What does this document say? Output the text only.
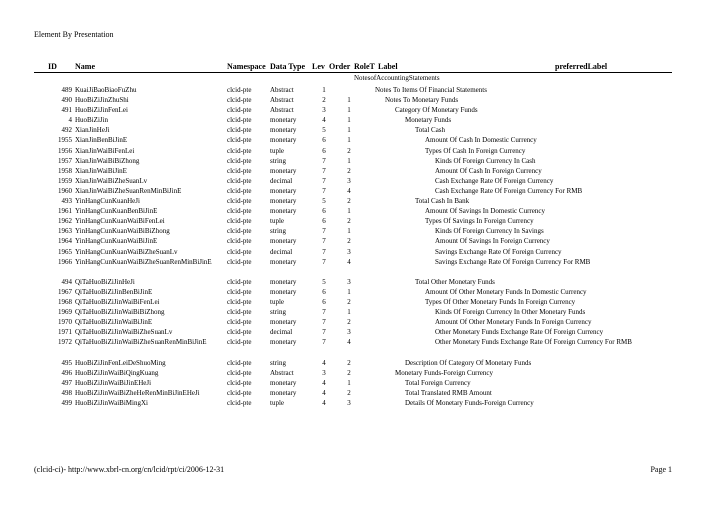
Element By Presentation
ID Name	Namespace Data Type Lev Order RoleT Label	preferredLabel
NotesofAccountingStatements
489 KuaiJiBaoBiaoFuZhu	clcid-pte	Abstract	1	Notes To Items Of Financial Statements
490 HuoBiZiJinZhuShi	clcid-pte	Abstract	2	1	Notes To Monetary Funds
491 HuoBiZiJinFenLei	clcid-pte	Abstract	3	1	Category Of Monetary Funds
4 HuoBiZiJin	clcid-pte	monetary	4	1	Monetary Funds
492 XianJinHeJi	clcid-pte	monetary	5	1	Total Cash
1955 XianJinBenBiJinE	clcid-pte	monetary	6	1	Amount Of Cash In Domestic Currency
1956 XianJinWaiBiFenLei	clcid-pte	tuple	6	2	Types Of Cash In Foreign Currency
1957 XianJinWaiBiBiZhong	clcid-pte	string	7	1	Kinds Of Foreign Currency In Cash
1958 XianJinWaiBiJinE	clcid-pte	monetary	7	2	Amount Of Cash In Foreign Currency
1959 XianJinWaiBiZheSuanLv	clcid-pte	decimal	7	3	Cash Exchange Rate Of Foreign Currency
1960 XianJinWaiBiZheSuanRenMinBiJinE	clcid-pte	monetary	7	4	Cash Exchange Rate Of Foreign Currency For RMB
493 YinHangCunKuanHeJi	clcid-pte	monetary	5	2	Total Cash In Bank
1961 YinHangCunKuanBenBiJinE	clcid-pte	monetary	6	1	Amount Of Savings In Domestic Currency
1962 YinHangCunKuanWaiBiFenLei	clcid-pte	tuple	6	2	Types Of Savings In Foreign Currency
1963 YinHangCunKuanWaiBiBiZhong	clcid-pte	string	7	1	Kinds Of Foreign Currency In Savings
1964 YinHangCunKuanWaiBiJinE	clcid-pte	monetary	7	2	Amount Of Savings In Foreign Currency
1965 YinHangCunKuanWaiBiZheSuanLv	clcid-pte	decimal	7	3	Savings Exchange Rate Of Foreign Currency
1966 YinHangCunKuanWaiBiZheSuanRenMinBiJinE	clcid-pte	monetary	7	4	Savings Exchange Rate Of Foreign Currency For RMB
494 QiTaHuoBiZiJinHeJi	clcid-pte	monetary	5	3	Total Other Monetary Funds
1967 QiTaHuoBiZiJinBenBiJinE	clcid-pte	monetary	6	1	Amount Of Other Monetary Funds In Domestic Currency
1968 QiTaHuoBiZiJinWaiBiFenLei	clcid-pte	tuple	6	2	Types Of Other Monetary Funds In Foreign Currency
1969 QiTaHuoBiZiJinWaiBiBiZhong	clcid-pte	string	7	1	Kinds Of Foreign Currency In Other Monetary Funds
1970 QiTaHuoBiZiJinWaiBiJinE	clcid-pte	monetary	7	2	Amount Of Other Monetary Funds In Foreign Currency
1971 QiTaHuoBiZiJinWaiBiZheSuanLv	clcid-pte	decimal	7	3	Other Monetary Funds Exchange Rate Of Foreign Currency
1972 QiTaHuoBiZiJinWaiBiZheSuanRenMinBiJinE	clcid-pte	monetary	7	4	Other Monetary Funds Exchange Rate Of Foreign Currency For RMB
495 HuoBiZiJinFenLeiDeShuoMing	clcid-pte	string	4	2	Description Of Category Of Monetary Funds
496 HuoBiZiJinWaiBiQingKuang	clcid-pte	Abstract	3	2	Monetary Funds-Foreign Currency
497 HuoBiZiJinWaiBiJinEHeJi	clcid-pte	monetary	4	1	Total Foreign Currency
498 HuoBiZiJinWaiBiZheHeRenMinBiJinEHeJi	clcid-pte	monetary	4	2	Total Translated RMB Amount
499 HuoBiZiJinWaiBiMingXi	clcid-pte	tuple	4	3	Details Of Monetary Funds-Foreign Currency
(clcid-ci)- http://www.xbrl-cn.org/cn/lcid/rpt/ci/2006-12-31	Page 1
